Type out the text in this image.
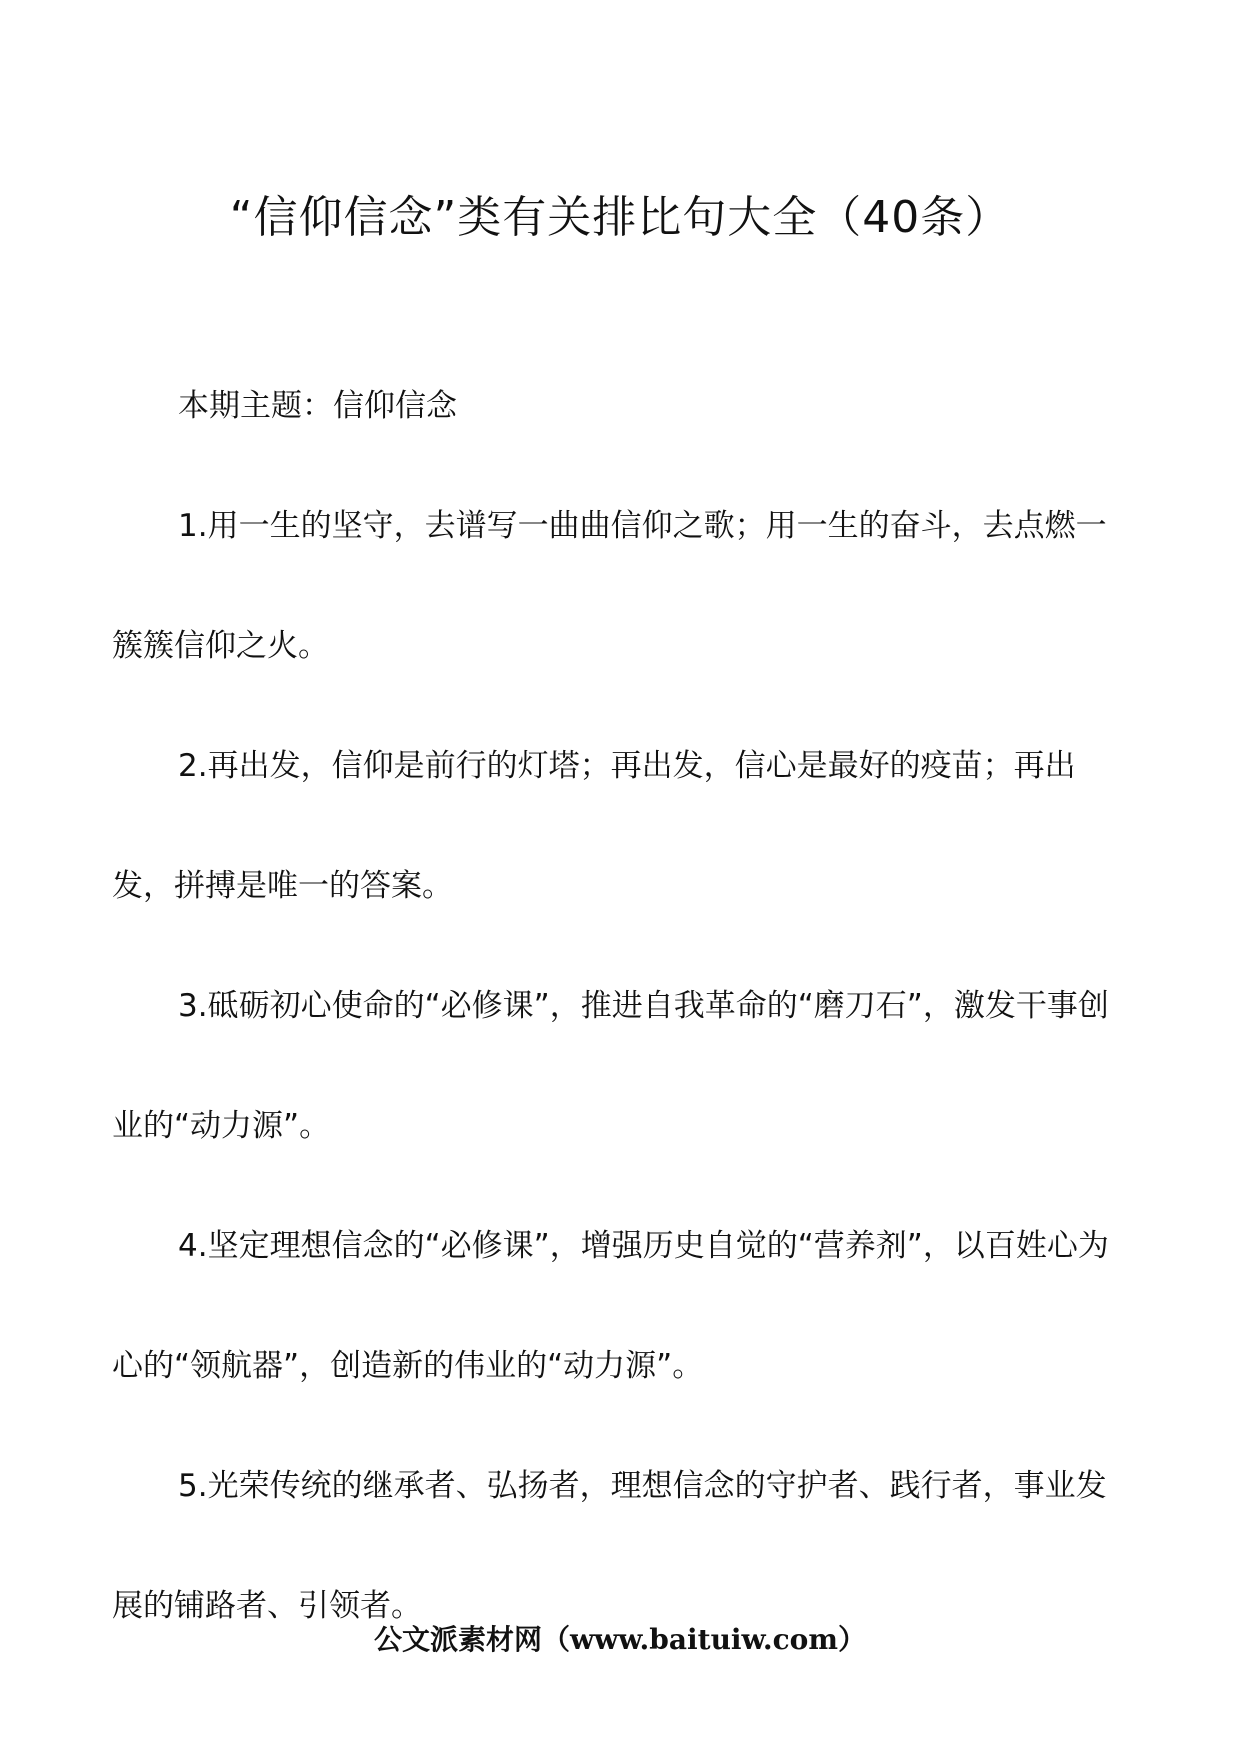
“信仰信念”类有关排比句大全（40条）

本期主题：信仰信念

1.用一生的坚守，去谱写一曲曲信仰之歌；用一生的奋斗，去点燃一簇簇信仰之火。

2.再出发，信仰是前行的灯塔；再出发，信心是最好的疫苗；再出发，拼搏是唯一的答案。

3.砥砺初心使命的“必修课”，推进自我革命的“磨刀石”，激发干事创业的“动力源”。

4.坚定理想信念的“必修课”，增强历史自觉的“营养剂”，以百姓心为心的“领航器”，创造新的伟业的“动力源”。

5.光荣传统的继承者、弘扬者，理想信念的守护者、践行者，事业发展的铺路者、引领者。

公文派素材网（www.baituiw.com）
